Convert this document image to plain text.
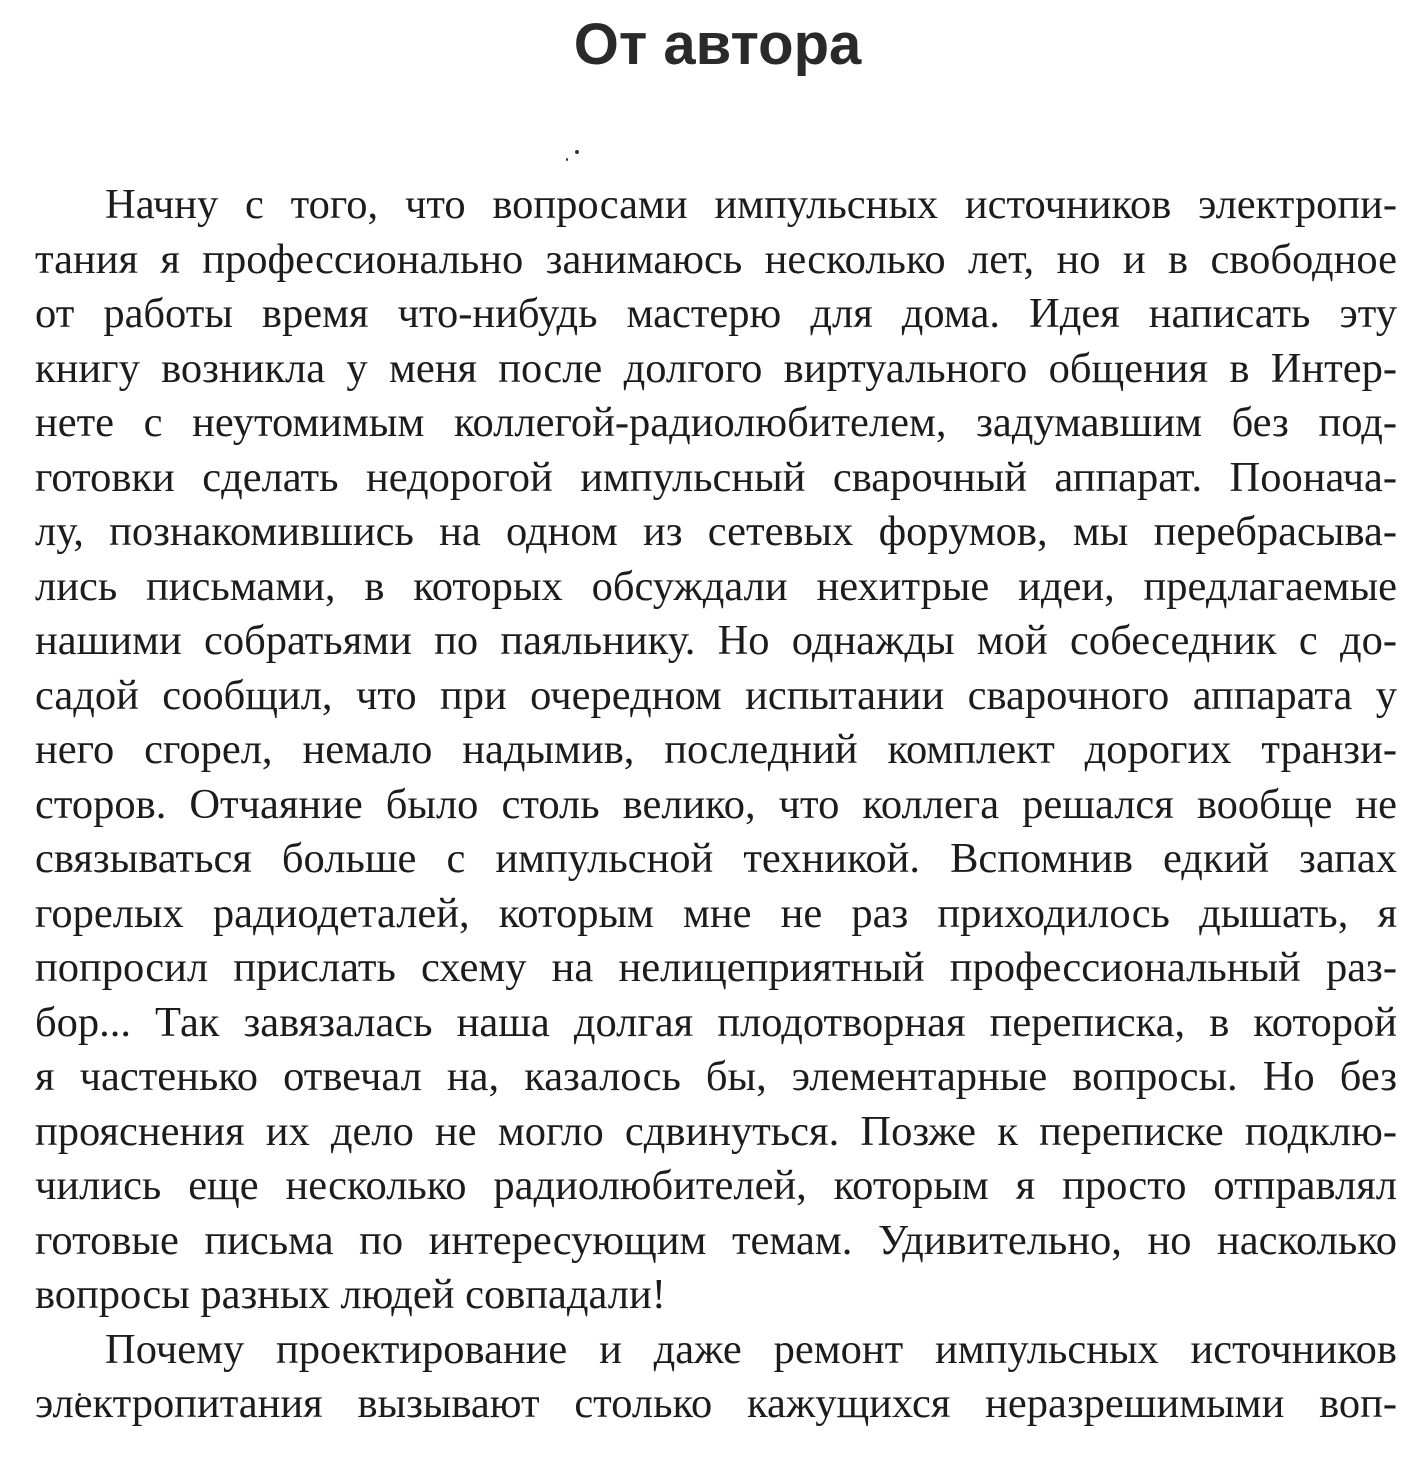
От автора
Начну с того, что вопросами импульсных источников электропи-
тания я профессионально занимаюсь несколько лет, но и в свободное
от работы время что-нибудь мастерю для дома. Идея написать эту
книгу возникла у меня после долгого виртуального общения в Интер-
нете с неутомимым коллегой-радиолюбителем, задумавшим без под-
готовки сделать недорогой импульсный сварочный аппарат. Поонача-
лу, познакомившись на одном из сетевых форумов, мы перебрасыва-
лись письмами, в которых обсуждали нехитрые идеи, предлагаемые
нашими собратьями по паяльнику. Но однажды мой собеседник с до-
садой сообщил, что при очередном испытании сварочного аппарата у
него сгорел, немало надымив, последний комплект дорогих транзи-
сторов. Отчаяние было столь велико, что коллега решался вообще не
связываться больше с импульсной техникой. Вспомнив едкий запах
горелых радиодеталей, которым мне не раз приходилось дышать, я
попросил прислать схему на нелицеприятный профессиональный раз-
бор... Так завязалась наша долгая плодотворная переписка, в которой
я частенько отвечал на, казалось бы, элементарные вопросы. Но без
прояснения их дело не могло сдвинуться. Позже к переписке подклю-
чились еще несколько радиолюбителей, которым я просто отправлял
готовые письма по интересующим темам. Удивительно, но насколько
вопросы разных людей совпадали!
Почему проектирование и даже ремонт импульсных источников
электропитания вызывают столько кажущихся неразрешимыми воп-
